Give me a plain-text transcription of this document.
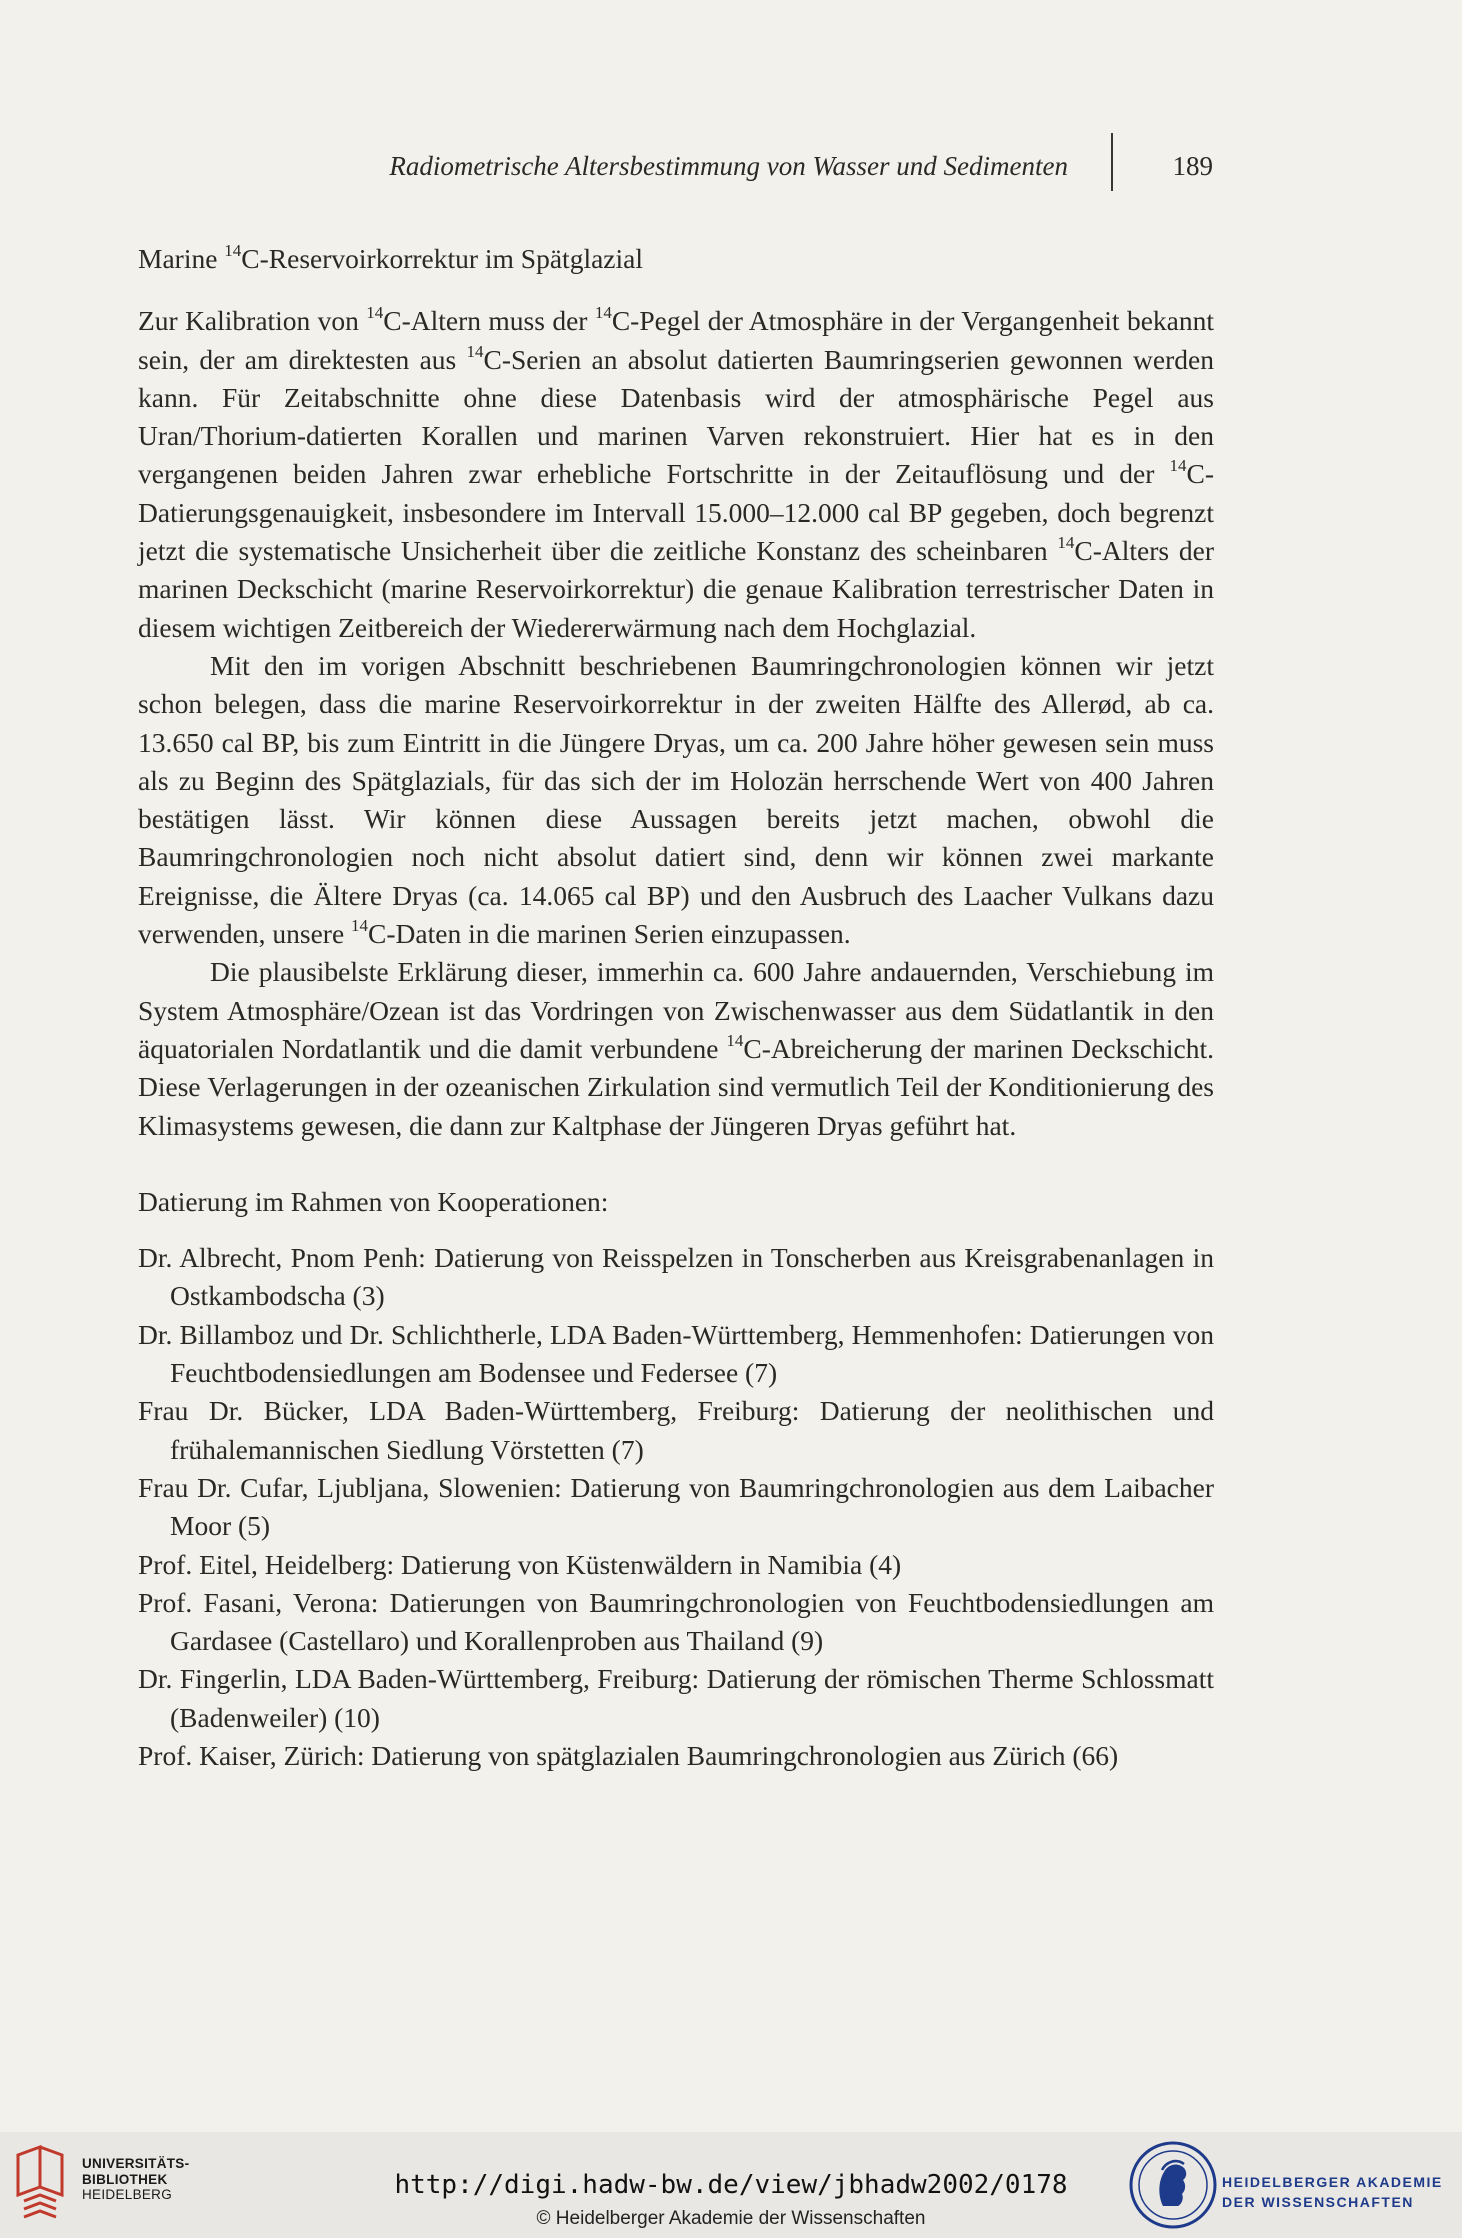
Radiometrische Altersbestimmung von Wasser und Sedimenten	189

Marine $^{14}$C-Reservoirkorrektur im Spätglazial

Zur Kalibration von $^{14}$C-Altern muss der $^{14}$C-Pegel der Atmosphäre in der Vergangenheit bekannt sein, der am direktesten aus $^{14}$C-Serien an absolut datierten Baumringserien gewonnen werden kann. Für Zeitabschnitte ohne diese Datenbasis wird der atmosphärische Pegel aus Uran/Thorium-datierten Korallen und marinen Varven rekonstruiert. Hier hat es in den vergangenen beiden Jahren zwar erhebliche Fortschritte in der Zeitauflösung und der $^{14}$C-Datierungsgenauigkeit, insbesondere im Intervall 15.000–12.000 cal BP gegeben, doch begrenzt jetzt die systematische Unsicherheit über die zeitliche Konstanz des scheinbaren $^{14}$C-Alters der marinen Deckschicht (marine Reservoirkorrektur) die genaue Kalibration terrestrischer Daten in diesem wichtigen Zeitbereich der Wiedererwärmung nach dem Hochglazial.

Mit den im vorigen Abschnitt beschriebenen Baumringchronologien können wir jetzt schon belegen, dass die marine Reservoirkorrektur in der zweiten Hälfte des Allerød, ab ca. 13.650 cal BP, bis zum Eintritt in die Jüngere Dryas, um ca. 200 Jahre höher gewesen sein muss als zu Beginn des Spätglazials, für das sich der im Holozän herrschende Wert von 400 Jahren bestätigen lässt. Wir können diese Aussagen bereits jetzt machen, obwohl die Baumringchronologien noch nicht absolut datiert sind, denn wir können zwei markante Ereignisse, die Ältere Dryas (ca. 14.065 cal BP) und den Ausbruch des Laacher Vulkans dazu verwenden, unsere $^{14}$C-Daten in die marinen Serien einzupassen.

Die plausibelste Erklärung dieser, immerhin ca. 600 Jahre andauernden, Verschiebung im System Atmosphäre/Ozean ist das Vordringen von Zwischenwasser aus dem Südatlantik in den äquatorialen Nordatlantik und die damit verbundene $^{14}$C-Abreicherung der marinen Deckschicht. Diese Verlagerungen in der ozeanischen Zirkulation sind vermutlich Teil der Konditionierung des Klimasystems gewesen, die dann zur Kaltphase der Jüngeren Dryas geführt hat.

Datierung im Rahmen von Kooperationen:

Dr. Albrecht, Pnom Penh: Datierung von Reisspelzen in Tonscherben aus Kreisgrabenanlagen in Ostkambodscha (3)
Dr. Billamboz und Dr. Schlichtherle, LDA Baden-Württemberg, Hemmenhofen: Datierungen von Feuchtbodensiedlungen am Bodensee und Federsee (7)
Frau Dr. Bücker, LDA Baden-Württemberg, Freiburg: Datierung der neolithischen und frühalemannischen Siedlung Vörstetten (7)
Frau Dr. Cufar, Ljubljana, Slowenien: Datierung von Baumringchronologien aus dem Laibacher Moor (5)
Prof. Eitel, Heidelberg: Datierung von Küstenwäldern in Namibia (4)
Prof. Fasani, Verona: Datierungen von Baumringchronologien von Feuchtbodensiedlungen am Gardasee (Castellaro) und Korallenproben aus Thailand (9)
Dr. Fingerlin, LDA Baden-Württemberg, Freiburg: Datierung der römischen Therme Schlossmatt (Badenweiler) (10)
Prof. Kaiser, Zürich: Datierung von spätglazialen Baumringchronologien aus Zürich (66)
UNIVERSITÄTS-
BIBLIOTHEK
HEIDELBERG	http://digi.hadw-bw.de/view/jbhadw2002/0178
© Heidelberger Akademie der Wissenschaften
HEIDELBERGER AKADEMIE
DER WISSENSCHAFTEN
